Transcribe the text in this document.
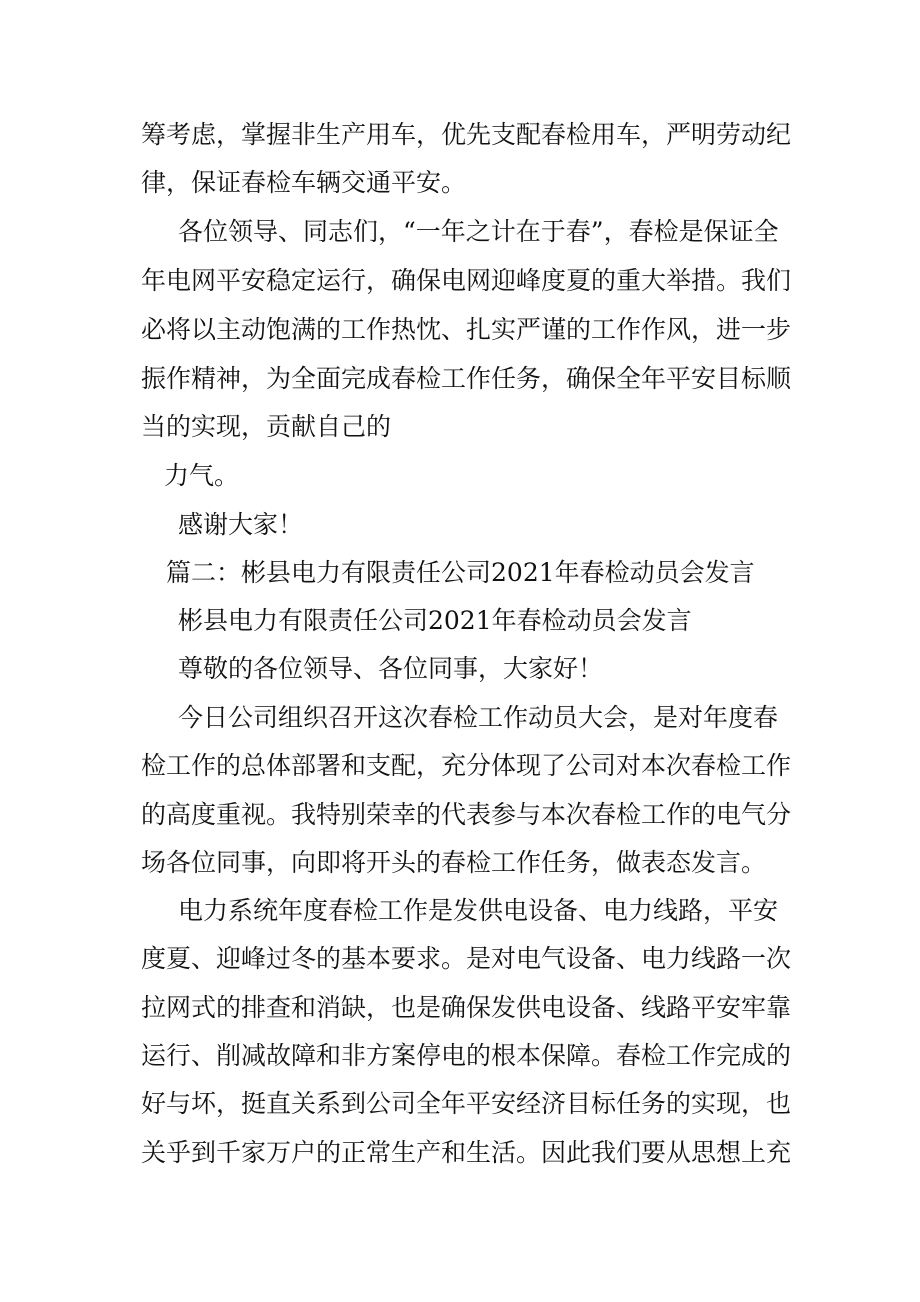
筹考虑，掌握非生产用车，优先支配春检用车，严明劳动纪
律，保证春检车辆交通平安。
各位领导、同志们，“一年之计在于春”，春检是保证全
年电网平安稳定运行，确保电网迎峰度夏的重大举措。我们
必将以主动饱满的工作热忱、扎实严谨的工作作风，进一步
振作精神，为全面完成春检工作任务，确保全年平安目标顺
当的实现，贡献自己的
力气。
感谢大家！
篇二：彬县电力有限责任公司2021年春检动员会发言
彬县电力有限责任公司2021年春检动员会发言
尊敬的各位领导、各位同事，大家好！
今日公司组织召开这次春检工作动员大会，是对年度春
检工作的总体部署和支配，充分体现了公司对本次春检工作
的高度重视。我特别荣幸的代表参与本次春检工作的电气分
场各位同事，向即将开头的春检工作任务，做表态发言。
电力系统年度春检工作是发供电设备、电力线路，平安
度夏、迎峰过冬的基本要求。是对电气设备、电力线路一次
拉网式的排查和消缺，也是确保发供电设备、线路平安牢靠
运行、削减故障和非方案停电的根本保障。春检工作完成的
好与坏，挺直关系到公司全年平安经济目标任务的实现，也
关乎到千家万户的正常生产和生活。因此我们要从思想上充
